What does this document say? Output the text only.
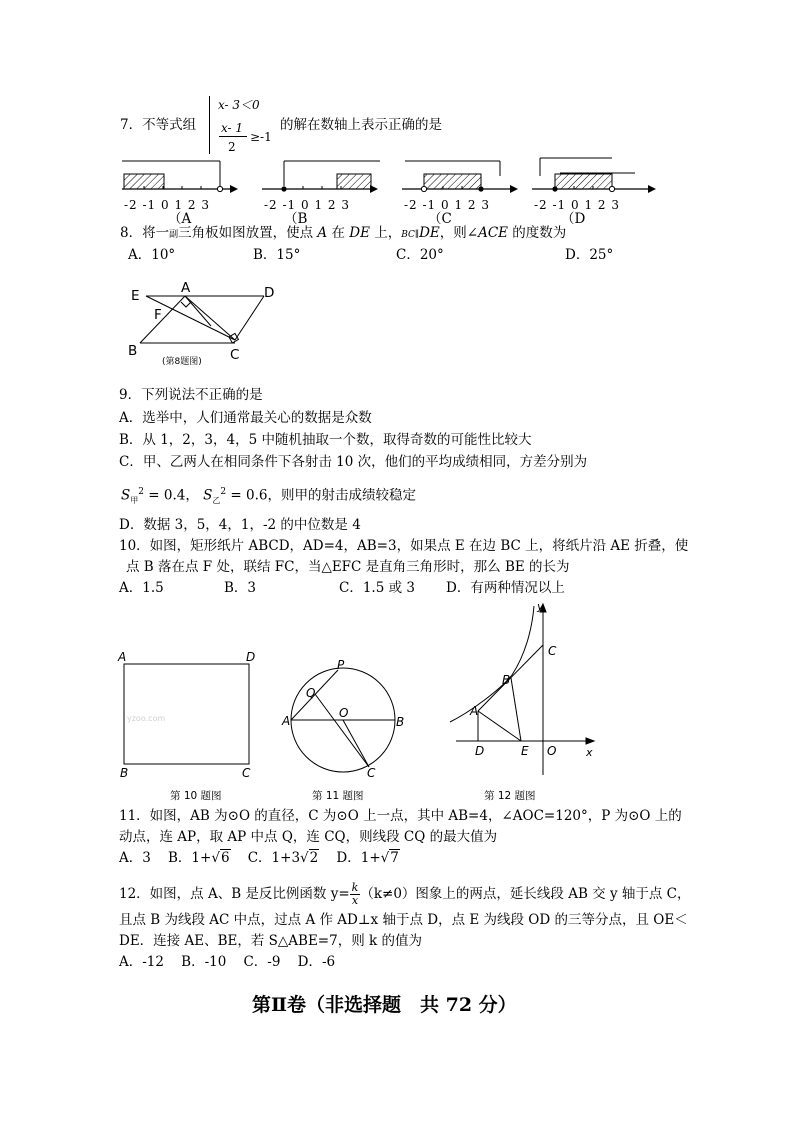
7．不等式组
x- 3＜0
x- 1
2
≥-1
的解在数轴上表示正确的是
-2 -1 0 1 2 3	-2 -1 0 1 2 3	-2 -1 0 1 2 3	-2 -1 0 1 2 3
（A	（B	（C	（D
8．将一副三角板如图放置，使点 A 在 DE 上，BC∥DE，则∠ACE 的度数为
A．10°	B．15°	C．20°	D．25°
E	A	D
F
B	C
(第8题图)
9．下列说法不正确的是
A．选举中，人们通常最关心的数据是众数
B．从 1，2，3，4，5 中随机抽取一个数，取得奇数的可能性比较大
C．甲、乙两人在相同条件下各射击 10 次，他们的平均成绩相同，方差分别为
$S_甲^2 = 0.4$， $S_乙^2 = 0.6$，则甲的射击成绩较稳定
D．数据 3，5，4，1，-2 的中位数是 4
10．如图，矩形纸片 ABCD，AD=4，AB=3，如果点 E 在边 BC 上，将纸片沿 AE 折叠，使
点 B 落在点 F 处，联结 FC，当△EFC 是直角三角形时，那么 BE 的长为
A．1.5	B．3	C．1.5 或 3 D．有两种情况以上
A	D
B	C
yzoo.com
第 10 题图
P
Q
O
A	B
C
第 11 题图
y
C
B
A
D	E O	x
第 12 题图
11．如图，AB 为⊙O 的直径，C 为⊙O 上一点，其中 AB=4，∠AOC=120°，P 为⊙O 上的
动点，连 AP，取 AP 中点 Q，连 CQ，则线段 CQ 的最大值为
A．3 B．1+√6 C．1+3√2 D．1+√7
12．如图，点 A、B 是反比例函数 $y= \frac{k}{x} (k\ne 0)$图象上的两点，延长线段 AB 交 y 轴于点 C，
且点 B 为线段 AC 中点，过点 A 作 AD⊥x 轴于点 D，点 E 为线段 OD 的三等分点，且 OE＜
DE．连接 AE、BE，若 S△ABE=7，则 k 的值为
A．-12    B．-10    C．-9    D．-6
第Ⅱ卷（非选择题　共 72 分）
